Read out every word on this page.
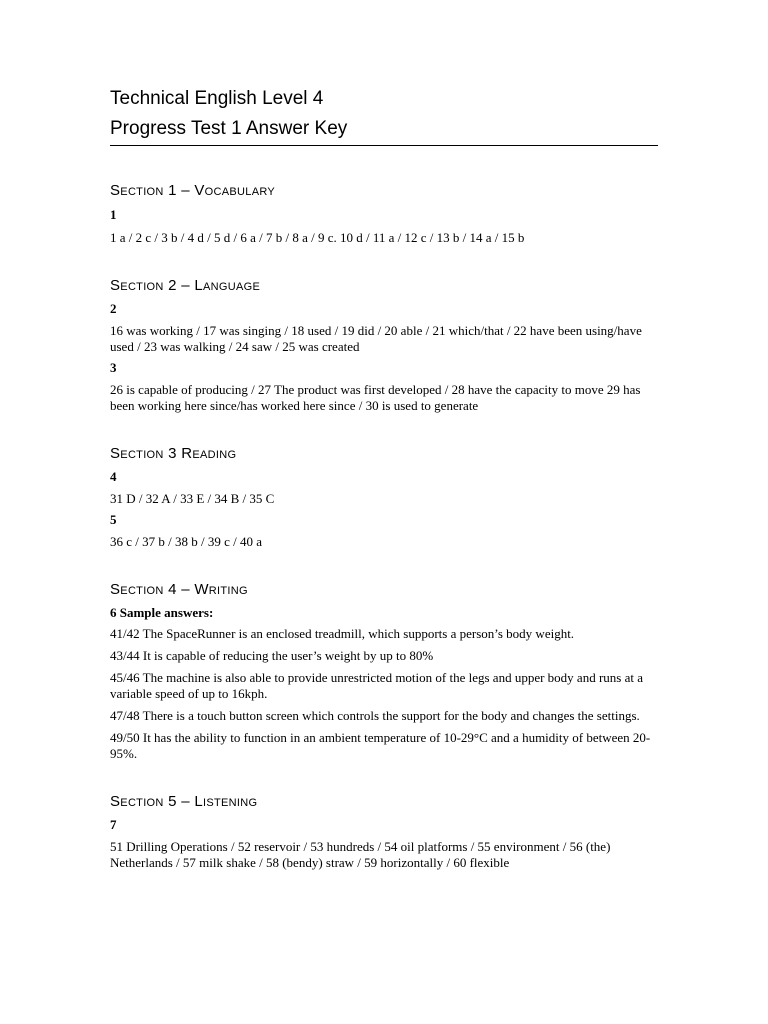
Technical English Level 4

Progress Test 1 Answer Key

Section 1 – Vocabulary

1

1 a / 2 c / 3 b / 4 d / 5 d / 6 a / 7 b / 8 a / 9 c. 10 d / 11 a / 12 c / 13 b / 14 a / 15 b

Section 2 – Language

2

16 was working / 17 was singing / 18 used / 19 did / 20 able / 21 which/that / 22 have been using/have used / 23 was walking / 24 saw / 25 was created

3

26 is capable of producing / 27 The product was first developed / 28 have the capacity to move 29 has been working here since/has worked here since / 30 is used to generate

Section 3 Reading

4

31 D / 32 A / 33 E / 34 B / 35 C

5

36 c / 37 b / 38 b / 39 c / 40 a

Section 4 – Writing

6 Sample answers:

41/42 The SpaceRunner is an enclosed treadmill, which supports a person’s body weight.

43/44 It is capable of reducing the user’s weight by up to 80%

45/46 The machine is also able to provide unrestricted motion of the legs and upper body and runs at a variable speed of up to 16kph.

47/48 There is a touch button screen which controls the support for the body and changes the settings.

49/50 It has the ability to function in an ambient temperature of 10-29°C and a humidity of between 20-95%.

Section 5 – Listening

7

51 Drilling Operations / 52 reservoir / 53 hundreds / 54 oil platforms / 55 environment / 56 (the) Netherlands / 57 milk shake / 58 (bendy) straw / 59 horizontally / 60 flexible
